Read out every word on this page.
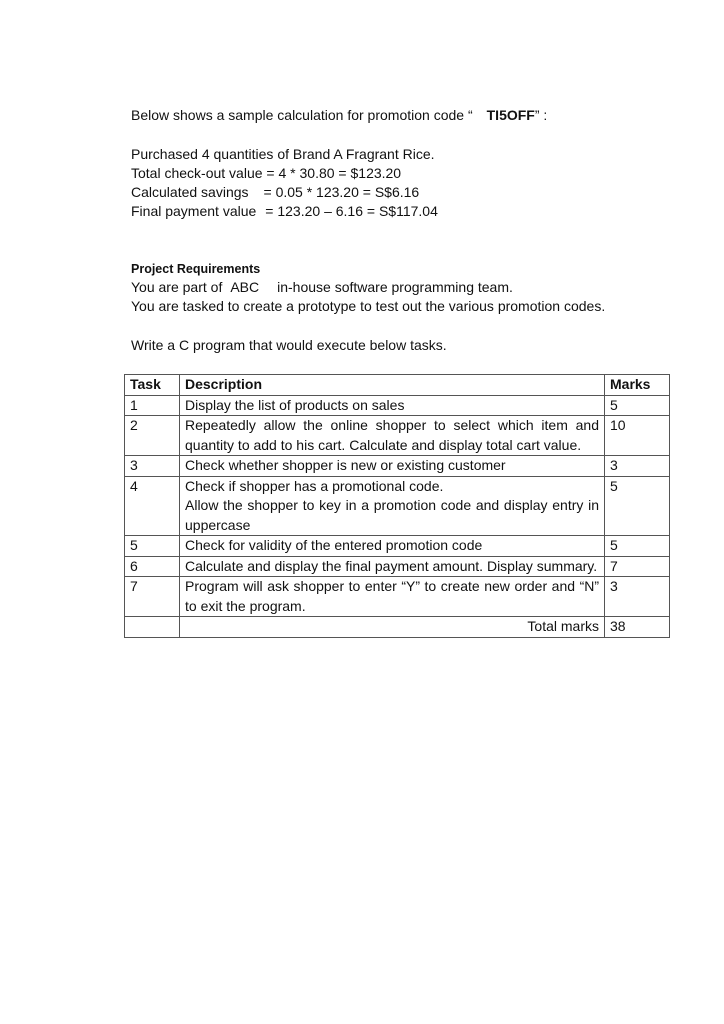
Below shows a sample calculation for promotion code “ TI5OFF” :
Purchased 4 quantities of Brand A Fragrant Rice.
Total check-out value = 4 * 30.80 = $123.20
Calculated savings = 0.05 * 123.20 = S$6.16
Final payment value = 123.20 – 6.16 = S$117.04
Project Requirements
You are part of ABC in-house software programming team.
You are tasked to create a prototype to test out the various promotion codes.
Write a C program that would execute below tasks.
Task	Description	Marks
1	Display the list of products on sales	5
2	Repeatedly allow the online shopper to select which item and quantity to add to his cart. Calculate and display total cart value.	10
3	Check whether shopper is new or existing customer	3
4	Check if shopper has a promotional code.
Allow the shopper to key in a promotion code and display entry in uppercase	5
5	Check for validity of the entered promotion code	5
6	Calculate and display the final payment amount. Display summary.	7
7	Program will ask shopper to enter “Y” to create new order and “N” to exit the program.	3
	Total marks	38
